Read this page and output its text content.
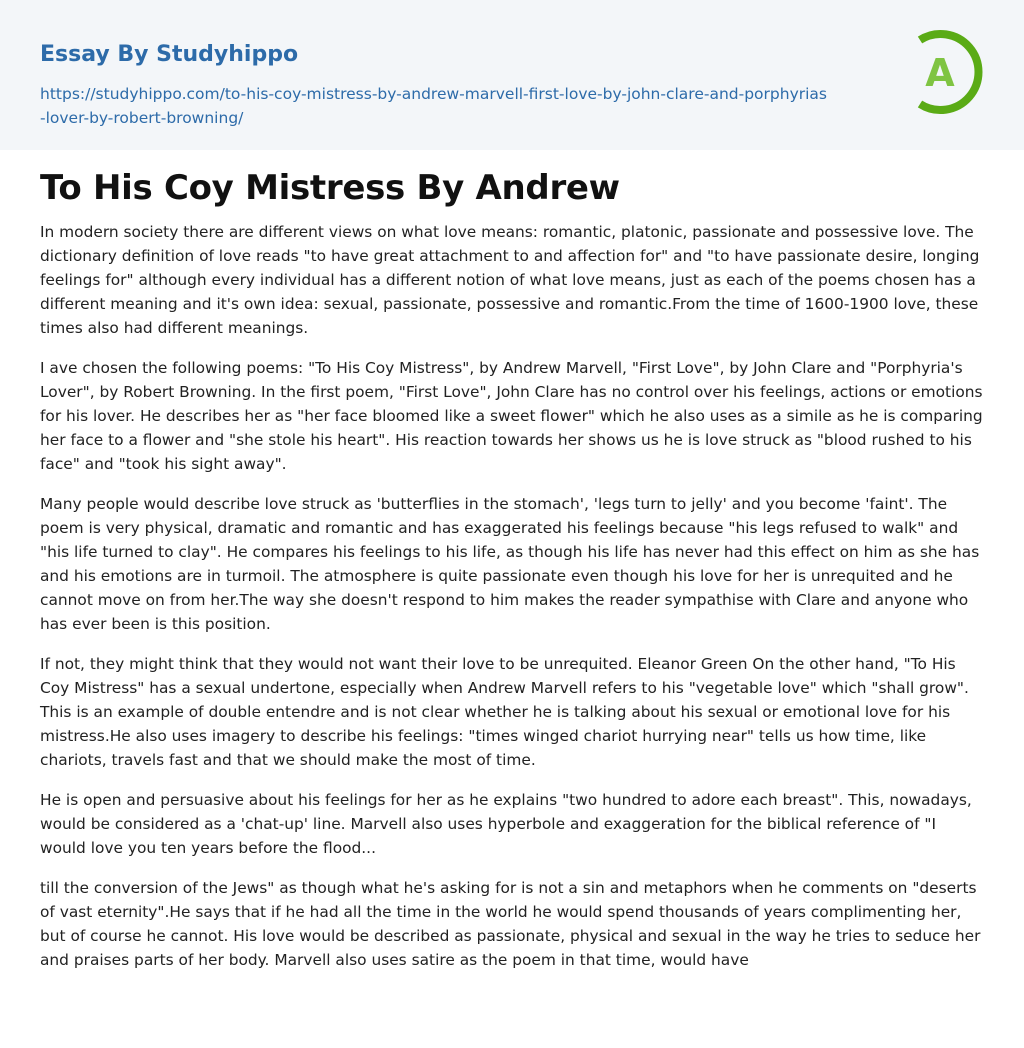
Essay By Studyhippo
https://studyhippo.com/to-his-coy-mistress-by-andrew-marvell-first-love-by-john-clare-and-porphyrias-lover-by-robert-browning/
A
To His Coy Mistress By Andrew

In modern society there are different views on what love means: romantic, platonic, passionate and possessive love. The dictionary definition of love reads "to have great attachment to and affection for" and "to have passionate desire, longing feelings for" although every individual has a different notion of what love means, just as each of the poems chosen has a different meaning and it's own idea: sexual, passionate, possessive and romantic.From the time of 1600-1900 love, these times also had different meanings.

I ave chosen the following poems: "To His Coy Mistress", by Andrew Marvell, "First Love", by John Clare and "Porphyria's Lover", by Robert Browning. In the first poem, "First Love", John Clare has no control over his feelings, actions or emotions for his lover. He describes her as "her face bloomed like a sweet flower" which he also uses as a simile as he is comparing her face to a flower and "she stole his heart". His reaction towards her shows us he is love struck as "blood rushed to his face" and "took his sight away".

Many people would describe love struck as 'butterflies in the stomach', 'legs turn to jelly' and you become 'faint'. The poem is very physical, dramatic and romantic and has exaggerated his feelings because "his legs refused to walk" and "his life turned to clay". He compares his feelings to his life, as though his life has never had this effect on him as she has and his emotions are in turmoil. The atmosphere is quite passionate even though his love for her is unrequited and he cannot move on from her.The way she doesn't respond to him makes the reader sympathise with Clare and anyone who has ever been is this position.

If not, they might think that they would not want their love to be unrequited. Eleanor Green On the other hand, "To His Coy Mistress" has a sexual undertone, especially when Andrew Marvell refers to his "vegetable love" which "shall grow". This is an example of double entendre and is not clear whether he is talking about his sexual or emotional love for his mistress.He also uses imagery to describe his feelings: "times winged chariot hurrying near" tells us how time, like chariots, travels fast and that we should make the most of time.

He is open and persuasive about his feelings for her as he explains "two hundred to adore each breast". This, nowadays, would be considered as a 'chat-up' line. Marvell also uses hyperbole and exaggeration for the biblical reference of "I would love you ten years before the flood...

till the conversion of the Jews" as though what he's asking for is not a sin and metaphors when he comments on "deserts of vast eternity".He says that if he had all the time in the world he would spend thousands of years complimenting her, but of course he cannot. His love would be described as passionate, physical and sexual in the way he tries to seduce her and praises parts of her body. Marvell also uses satire as the poem in that time, would have
